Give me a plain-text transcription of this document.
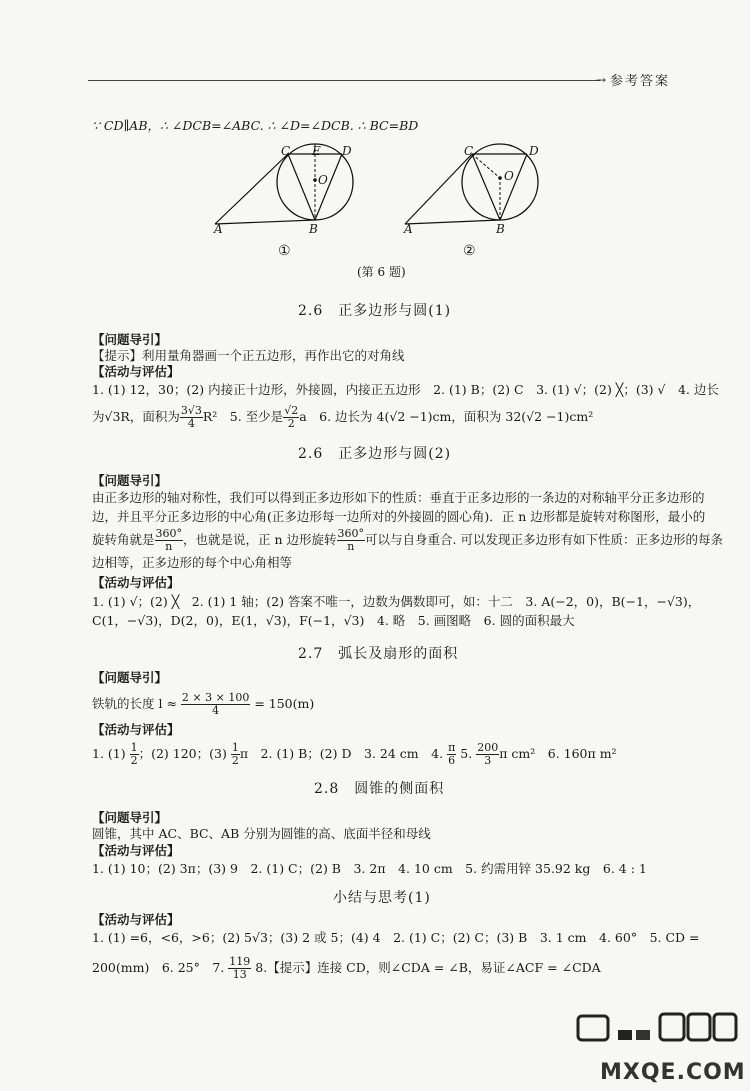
→ 参考答案
∵ CD∥AB，∴ ∠DCB=∠ABC. ∴ ∠D=∠DCB. ∴ BC=BD
C E D
O
A	B
①
C	D
O
A	B
②
(第 6 题)
2.6　正多边形与圆(1)
【问题导引】
【提示】利用量角器画一个正五边形，再作出它的对角线
【活动与评估】
1. (1) 12，30；(2) 内接正十边形，外接圆，内接正五边形　2. (1) B；(2) C　3. (1) √；(2) ╳；(3) √　4. 边长
为√3R，面积为 $\frac{3√3}{4} R^2$　5. 至少是 $\frac{√2}{2}$ a　6. 边长为 4(√2 −1)cm，面积为 32(√2 −1)cm²
2.6　正多边形与圆(2)
【问题导引】
由正多边形的轴对称性，我们可以得到正多边形如下的性质：垂直于正多边形的一条边的对称轴平分正多边形的
边，并且平分正多边形的中心角(正多边形每一边所对的外接圆的圆心角)．正 n 边形都是旋转对称图形，最小的
旋转角就是 $\frac{360^\circ}{n}$ ，也就是说，正 n 边形旋转 $\frac{360^\circ}{n}$ 可以与自身重合. 可以发现正多边形有如下性质：正多边形的每条
边相等，正多边形的每个中心角相等
【活动与评估】
1. (1) √；(2) ╳　2. (1) 1 轴；(2) 答案不唯一，边数为偶数即可，如：十二　3. A(−2，0)，B(−1，−√3)，
C(1，−√3)，D(2，0)，E(1，√3)，F(−1，√3)　4. 略　5. 画图略　6. 圆的面积最大
2.7　弧长及扇形的面积
【问题导引】
铁轨的长度 $l \approx \frac{2 \times 3 \times 100}{4} = 150(m)$
【活动与评估】
1. $(1) \frac{1}{2}$ ；(2) 120；$(3) \frac{1}{2}$ π　2. (1) B；(2) D　3. 24 cm　4. $\frac{\pi}{6} 5$. $\frac{200}{3}$ π cm²　6. 160π m²
2.8　圆锥的侧面积
【问题导引】
圆锥，其中 AC、BC、AB 分别为圆锥的高、底面半径和母线
【活动与评估】
1. (1) 10；(2) 3π；(3) 9　2. (1) C；(2) B　3. 2π　4. 10 cm　5. 约需用锌 35.92 kg　6. 4 : 1
小结与思考(1)
【活动与评估】
1. (1) =6，<6，>6；(2) 5√3；(3) 2 或 5；(4) 4　2. (1) C；(2) C；(3) B　3. 1 cm　4. 60°　5. CD =
200(mm)　6. 25°　7. $\frac{119}{13} 8$.【提示】连接 CD，则∠CDA = ∠B，易证∠ACF = ∠CDA
MXQE.COM
